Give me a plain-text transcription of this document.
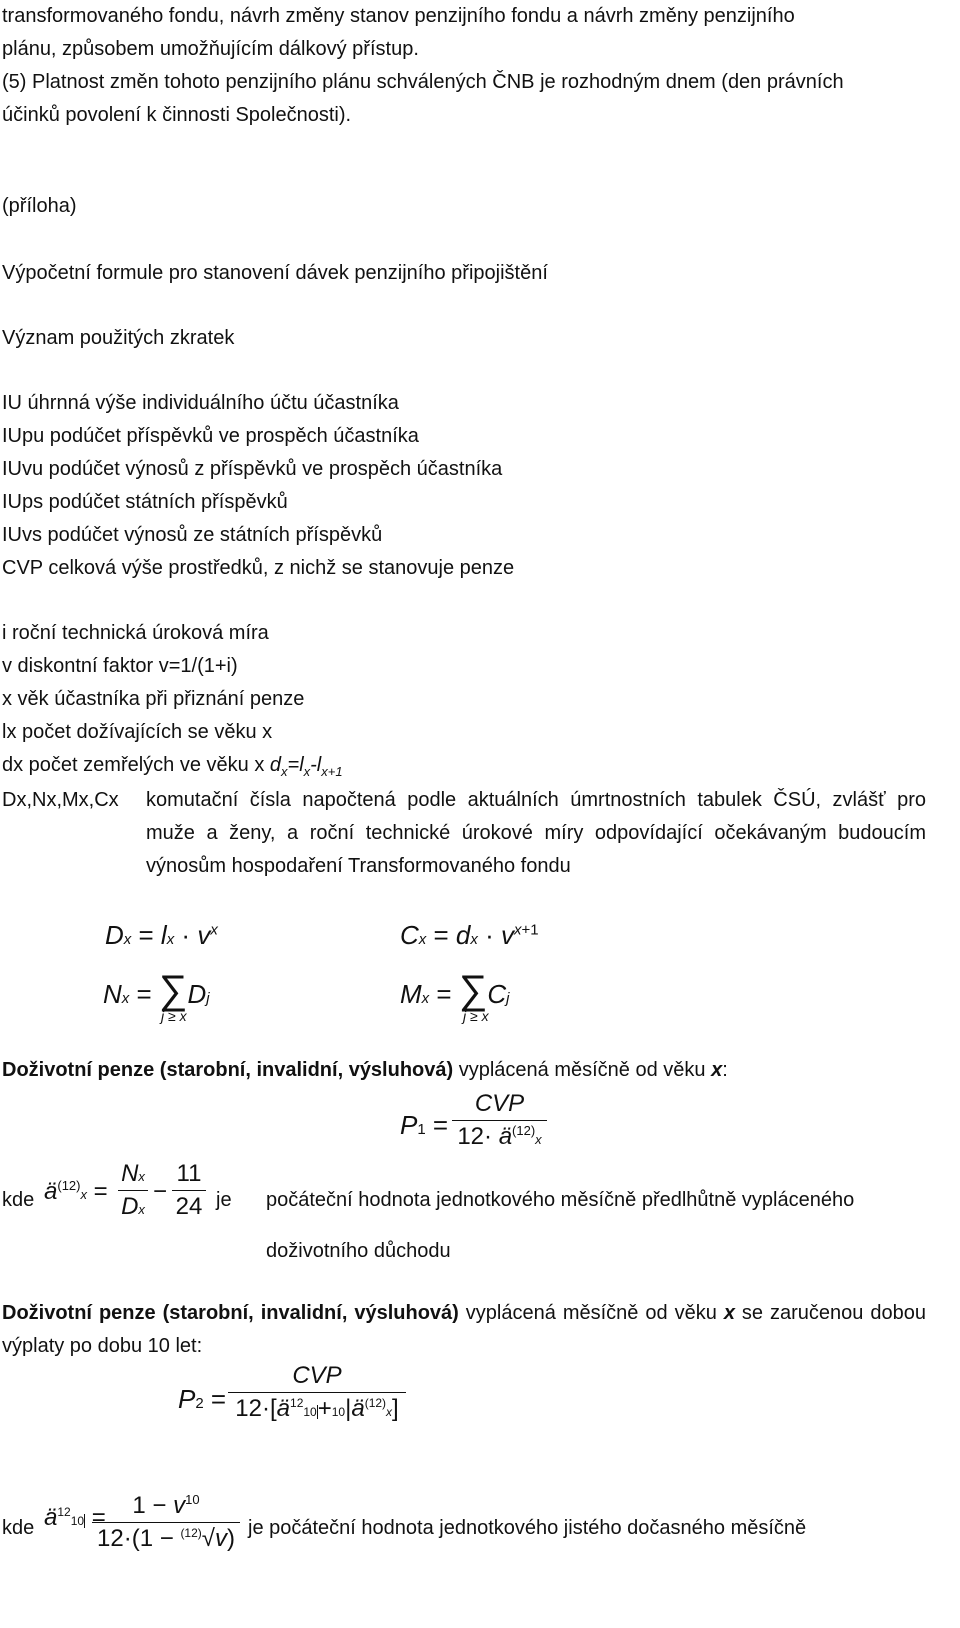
transformovaného fondu, návrh změny stanov penzijního fondu a návrh změny penzijního
plánu, způsobem umožňujícím dálkový přístup.
(5) Platnost změn tohoto penzijního plánu schválených ČNB je rozhodným dnem (den právních
účinků povolení k činnosti Společnosti).
(příloha)
Výpočetní formule pro stanovení dávek penzijního připojištění
Význam použitých zkratek
IU úhrnná výše individuálního účtu účastníka
IUpu podúčet příspěvků ve prospěch účastníka
IUvu podúčet výnosů z příspěvků ve prospěch účastníka
IUps podúčet státních příspěvků
IUvs podúčet výnosů ze státních příspěvků
CVP celková výše prostředků, z nichž se stanovuje penze
i roční technická úroková míra
v diskontní faktor v=1/(1+i)
x věk účastníka při přiznání penze
lx počet dožívajících se věku x
dx počet zemřelých ve věku x $d_x=l_x-l_{x+1}$
Dx,Nx,Mx,Cx komutační čísla napočtená podle aktuálních úmrtnostních tabulek ČSÚ, zvlášť pro muže a ženy, a roční technické úrokové míry odpovídající očekávaným budoucím výnosům hospodaření Transformovaného fondu
Dx = lx · $v^x$	Cx = dx · $v^{x+1}$
Nx = ∑Dj
j ≥ x
Mx = ∑Cj
j ≥ x
Doživotní penze (starobní, invalidní, výsluhová) vyplácená měsíčně od věku x:
P1 =
CVP
$12\cdot ä^{(12)}x$
kde $ä^{(12)}x$ =
Nx
Dx
−
11
24 je počáteční hodnota jednotkového měsíčně předlhůtně vypláceného
doživotního důchodu
Doživotní penze (starobní, invalidní, výsluhová) vyplácená měsíčně od věku x se zaručenou dobou výplaty po dobu 10 let:
P2 =
CVP
$12\cdot[ä^{12}10+10|ä^{(12)}x]$
kde $ä^{12}10$ =	$1 - v^{10}$
12·(1 − $^{(12)}$√v) je počáteční hodnota jednotkového jistého dočasného měsíčně
